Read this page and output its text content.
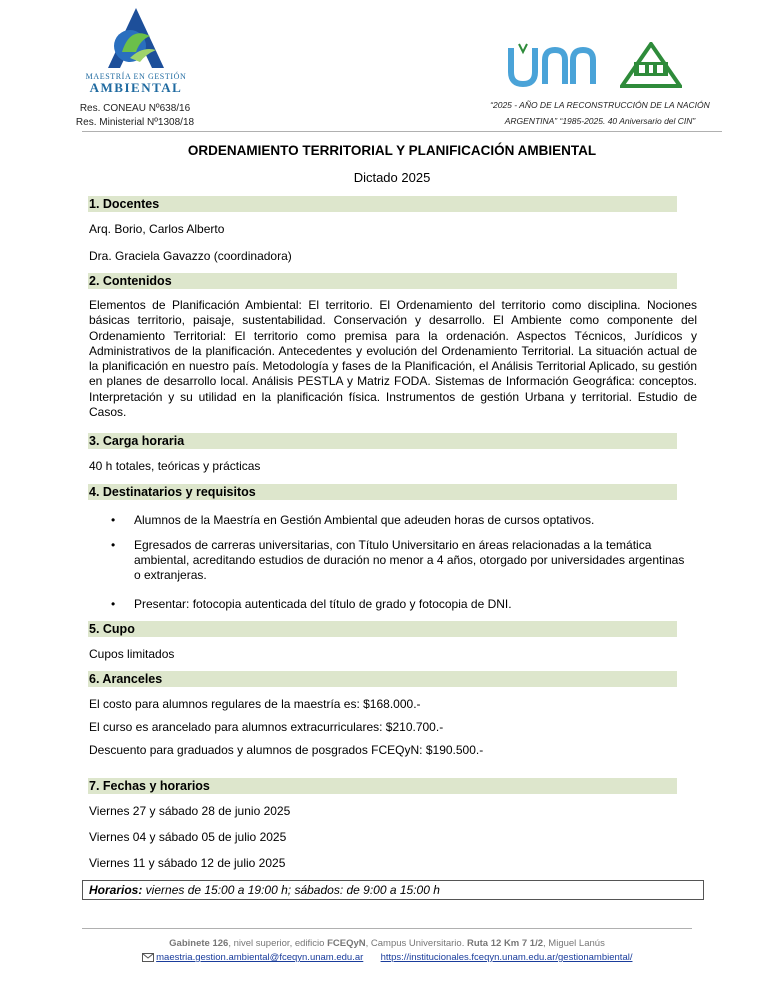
MAESTRÍA EN GESTIÓN
AMBIENTAL
Res. CONEAU Nº638/16
Res. Ministerial Nº1308/18
“2025 - AÑO DE LA RECONSTRUCCIÓN DE LA NACIÓN
ARGENTINA” “1985-2025. 40 Aniversario del CIN”
ORDENAMIENTO TERRITORIAL Y PLANIFICACIÓN AMBIENTAL
Dictado 2025
1. Docentes
Arq. Borio, Carlos Alberto
Dra. Graciela Gavazzo (coordinadora)
2. Contenidos
Elementos de Planificación Ambiental: El territorio. El Ordenamiento del territorio como disciplina. Nociones básicas territorio, paisaje, sustentabilidad. Conservación y desarrollo. El Ambiente como componente del Ordenamiento Territorial: El territorio como premisa para la ordenación. Aspectos Técnicos, Jurídicos y Administrativos de la planificación. Antecedentes y evolución del Ordenamiento Territorial. La situación actual de la planificación en nuestro país. Metodología y fases de la Planificación, el Análisis Territorial Aplicado, su gestión en planes de desarrollo local. Análisis PESTLA y Matriz FODA. Sistemas de Información Geográfica: conceptos. Interpretación y su utilidad en la planificación física. Instrumentos de gestión Urbana y territorial. Estudio de Casos.
3. Carga horaria
40 h totales, teóricas y prácticas
4. Destinatarios y requisitos
• Alumnos de la Maestría en Gestión Ambiental que adeuden horas de cursos optativos.
• Egresados de carreras universitarias, con Título Universitario en áreas relacionadas a la temática ambiental, acreditando estudios de duración no menor a 4 años, otorgado por universidades argentinas o extranjeras.
• Presentar: fotocopia autenticada del título de grado y fotocopia de DNI.
5. Cupo
Cupos limitados
6. Aranceles
El costo para alumnos regulares de la maestría es: $168.000.-
El curso es arancelado para alumnos extracurriculares: $210.700.-
Descuento para graduados y alumnos de posgrados FCEQyN: $190.500.-
7. Fechas y horarios
Viernes 27 y sábado 28 de junio 2025
Viernes 04 y sábado 05 de julio 2025
Viernes 11 y sábado 12 de julio 2025
Horarios: viernes de 15:00 a 19:00 h; sábados: de 9:00 a 15:00 h
Gabinete 126, nivel superior, edificio FCEQyN, Campus Universitario. Ruta 12 Km 7 1/2, Miguel Lanús
maestria.gestion.ambiental@fceqyn.unam.edu.ar https://institucionales.fceqyn.unam.edu.ar/gestionambiental/
